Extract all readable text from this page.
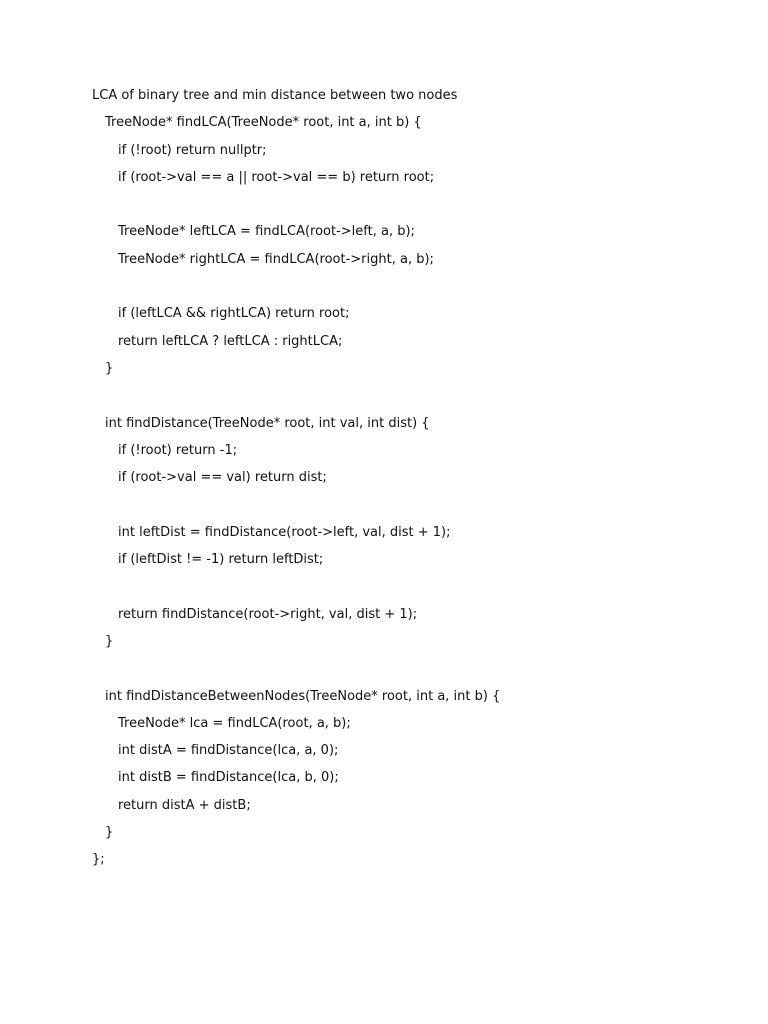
LCA of binary tree and min distance between two nodes

TreeNode* findLCA(TreeNode* root, int a, int b) {

if (!root) return nullptr;

if (root->val == a || root->val == b) return root;

TreeNode* leftLCA = findLCA(root->left, a, b);

TreeNode* rightLCA = findLCA(root->right, a, b);

if (leftLCA && rightLCA) return root;

return leftLCA ? leftLCA : rightLCA;

}

int findDistance(TreeNode* root, int val, int dist) {

if (!root) return -1;

if (root->val == val) return dist;

int leftDist = findDistance(root->left, val, dist + 1);

if (leftDist != -1) return leftDist;

return findDistance(root->right, val, dist + 1);

}

int findDistanceBetweenNodes(TreeNode* root, int a, int b) {

TreeNode* lca = findLCA(root, a, b);

int distA = findDistance(lca, a, 0);

int distB = findDistance(lca, b, 0);

return distA + distB;

}

};
